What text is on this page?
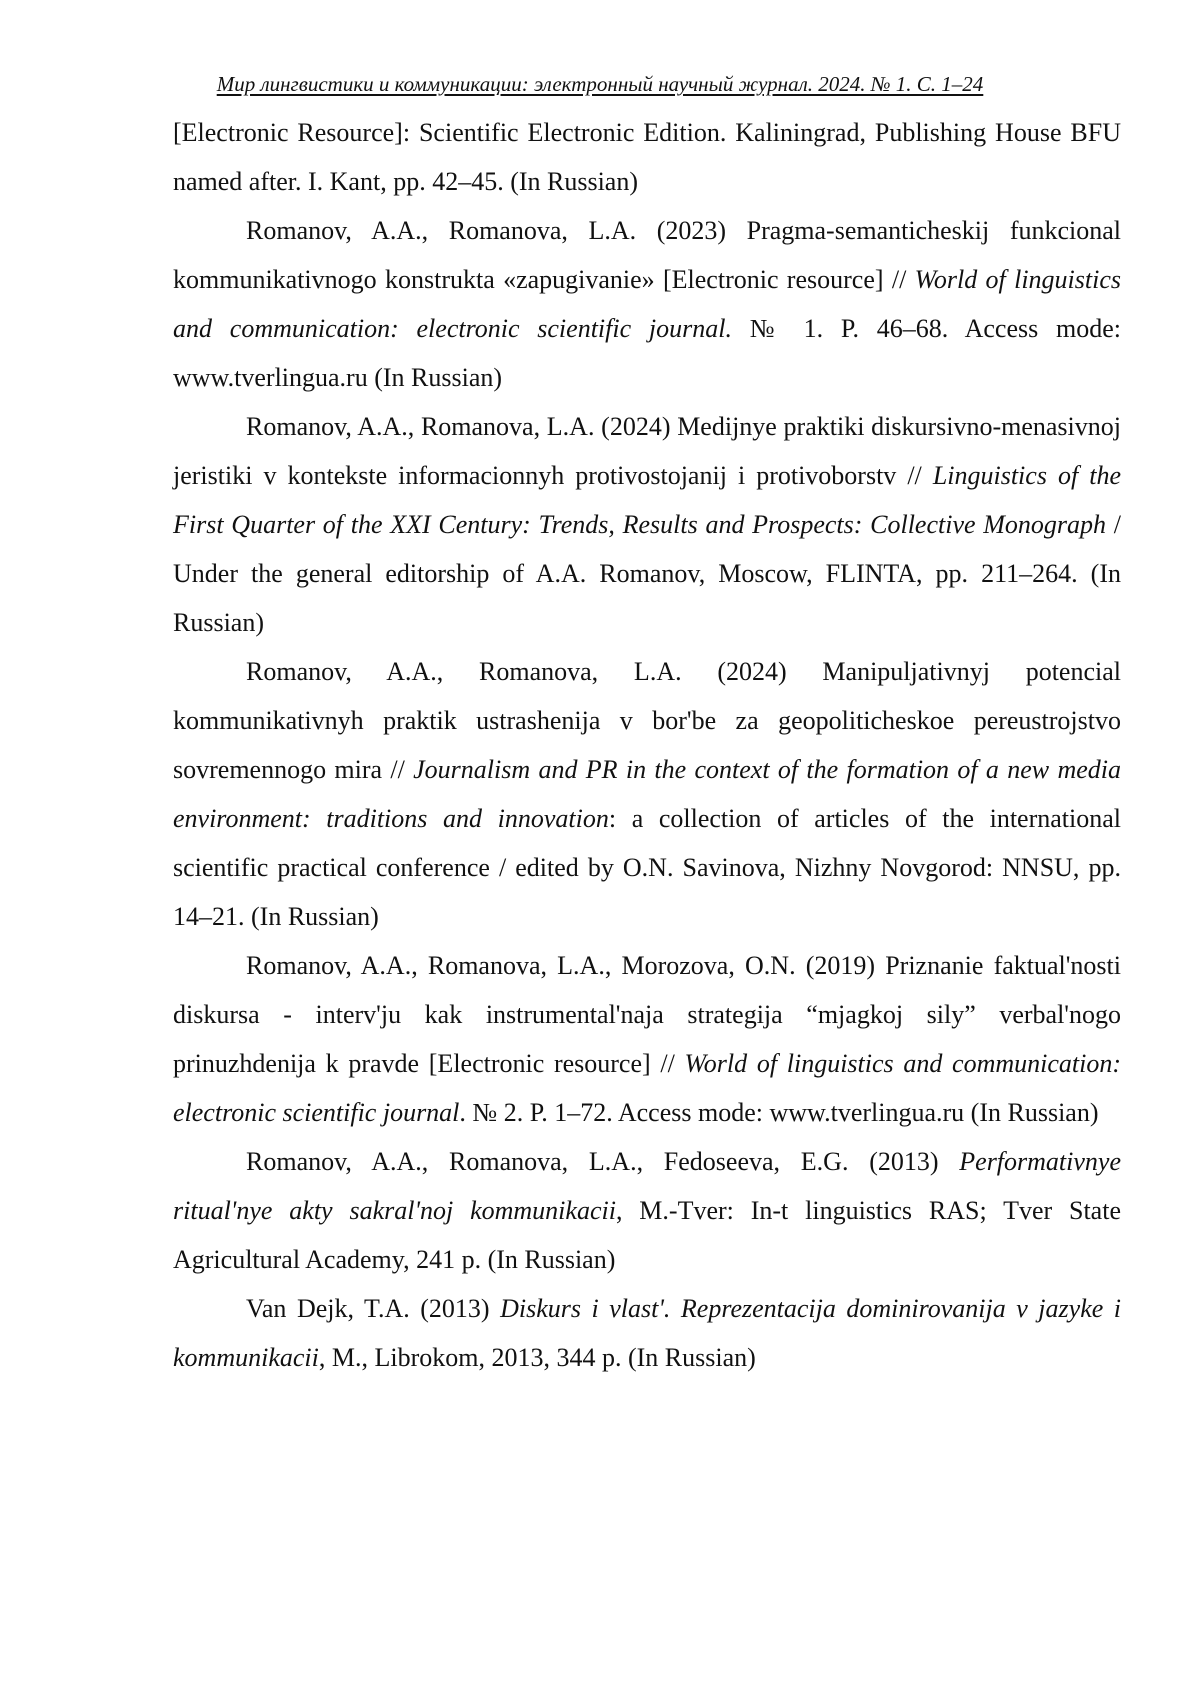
Мир лингвистики и коммуникации: электронный научный журнал. 2024. № 1. С. 1–24

[Electronic Resource]: Scientific Electronic Edition. Kaliningrad, Publishing House BFU named after. I. Kant, pp. 42–45. (In Russian)

Romanov, A.A., Romanova, L.A. (2023) Pragma-semanticheskij funkcional kommunikativnogo konstrukta «zapugivanie» [Electronic resource] // World of linguistics and communication: electronic scientific journal. № 1. P. 46–68. Access mode: www.tverlingua.ru (In Russian)

Romanov, A.A., Romanova, L.A. (2024) Medijnye praktiki diskursivno-menasivnoj jeristiki v kontekste informacionnyh protivostojanij i protivoborstv // Linguistics of the First Quarter of the XXI Century: Trends, Results and Prospects: Collective Monograph / Under the general editorship of A.A. Romanov, Moscow, FLINTA, pp. 211–264. (In Russian)

Romanov, A.A., Romanova, L.A. (2024) Manipuljativnyj potencial kommunikativnyh praktik ustrashenija v bor'be za geopoliticheskoe pereustrojstvo sovremennogo mira // Journalism and PR in the context of the formation of a new media environment: traditions and innovation: a collection of articles of the international scientific practical conference / edited by O.N. Savinova, Nizhny Novgorod: NNSU, pp. 14–21. (In Russian)

Romanov, A.A., Romanova, L.A., Morozova, O.N. (2019) Priznanie faktual'nosti diskursa - interv'ju kak instrumental'naja strategija “mjagkoj sily” verbal'nogo prinuzhdenija k pravde [Electronic resource] // World of linguistics and communication: electronic scientific journal. № 2. P. 1–72. Access mode: www.tverlingua.ru (In Russian)

Romanov, A.A., Romanova, L.A., Fedoseeva, E.G. (2013) Performativnye ritual'nye akty sakral'noj kommunikacii, M.-Tver: In-t linguistics RAS; Tver State Agricultural Academy, 241 p. (In Russian)

Van Dejk, T.A. (2013) Diskurs i vlast'. Reprezentacija dominirovanija v jazyke i kommunikacii, M., Librokom, 2013, 344 p. (In Russian)
